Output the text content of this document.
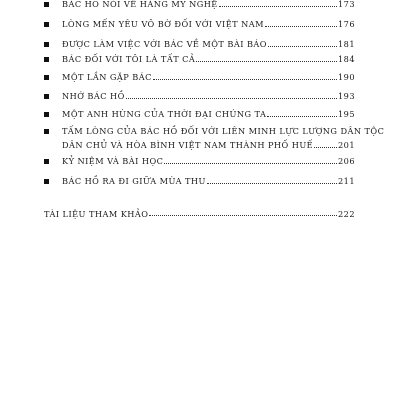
BÁC HỒ NÓI VỀ HÀNG MỸ NGHỆ	173
LÒNG MẾN YÊU VÔ BỜ ĐỐI VỚI VIỆT NAM	176
ĐƯỢC LÀM VIỆC VỚI BÁC VỀ MỘT BÀI BÁO	181
BÁC ĐỐI VỚI TÔI LÀ TẤT CẢ	184
MỘT LẦN GẶP BÁC	190
NHỚ BÁC HỒ	193
MỘT ANH HÙNG CỦA THỜI ĐẠI CHÚNG TA	195
TẤM LÒNG CỦA BÁC HỒ ĐỐI VỚI LIÊN MINH LỰC LƯỢNG DÂN TỘC
DÂN CHỦ VÀ HÒA BÌNH VIỆT NAM THÀNH PHỐ HUẾ	201
KỶ NIỆM VÀ BÀI HỌC	206
BÁC HỒ RA ĐI GIỮA MÙA THU	211
TÀI LIỆU THAM KHẢO	222
